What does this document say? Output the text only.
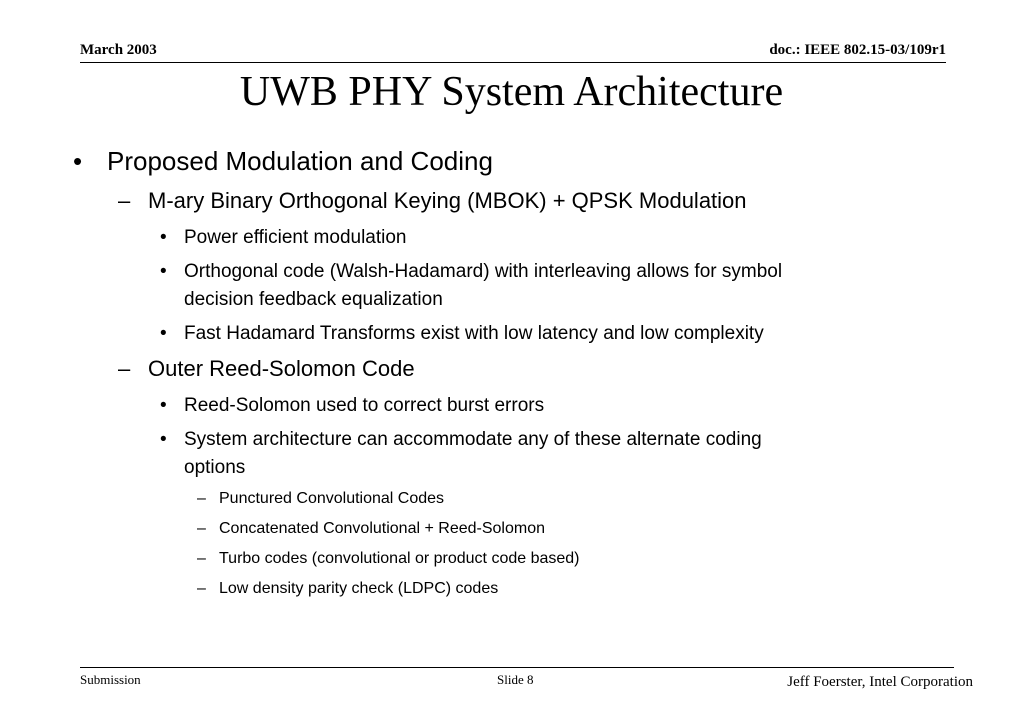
March 2003	doc.: IEEE 802.15-03/109r1
UWB PHY System Architecture
• Proposed Modulation and Coding
– M-ary Binary Orthogonal Keying (MBOK) + QPSK Modulation
• Power efficient modulation
• Orthogonal code (Walsh-Hadamard) with interleaving allows for symbol
decision feedback equalization
• Fast Hadamard Transforms exist with low latency and low complexity
– Outer Reed-Solomon Code
• Reed-Solomon used to correct burst errors
• System architecture can accommodate any of these alternate coding
options
– Punctured Convolutional Codes
– Concatenated Convolutional + Reed-Solomon
– Turbo codes (convolutional or product code based)
– Low density parity check (LDPC) codes
Submission	Slide 8	Jeff Foerster, Intel Corporation
